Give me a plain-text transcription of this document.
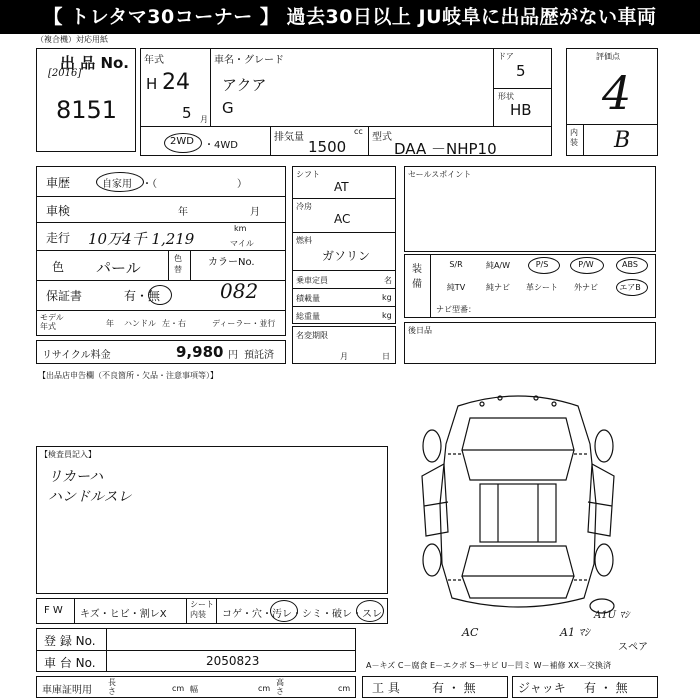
【 トレタマ30コーナー 】 過去30日以上 JU岐阜に出品歴がない車両
（複合機）対応用紙
出 品 No.
[2016]
8151
年式
H 24
5 月
車名・グレード
アクア
G
ドア
5
形状
HB
2WD ・4WD
排気量
cc
1500
型式
DAA －NHP10
評価点
4
内装 B
車歴	自家用 ・（　　　　　　　　）
車検	年	月
走行 10万4千 1,219
km
マイル
色 パール
色替
カラーNo.
082
保証書	有・無
モデル年式	年 ハンドル 左・右	ディーラー・並行
リサイクル料金	9,980 円 預託済
シフト
AT
冷房
AC
燃料
ガソリン
乗車定員	名
積載量	kg
総重量	kg
名変期限
月	日
セールスポイント
装備
S/R	純A/W	P/S	P/W	ABS
純TV	純ナビ	革シート	外ナビ	エアB
ナビ型番：
後日品
【出品店申告欄（不良箇所・欠品・注意事項等）】
【検査員記入】
リカーハ
ハンドルスレ
AC	A1 ﾏｼ
A1U ﾏｼ
スペア
A－キズ C－腐食 E－エクボ S－サビ U－凹ミ W－補修 XX－交換済
F W キズ・ヒビ・割レX
シート内装	コゲ・穴・汚レ・シミ・破レ・スレ
登 録 No.
車 台 No.	2050823
車庫証明用
長さ	cm 幅	cm
高さ	cm 工 具	有 ・ 無	ジャッキ 有 ・ 無
